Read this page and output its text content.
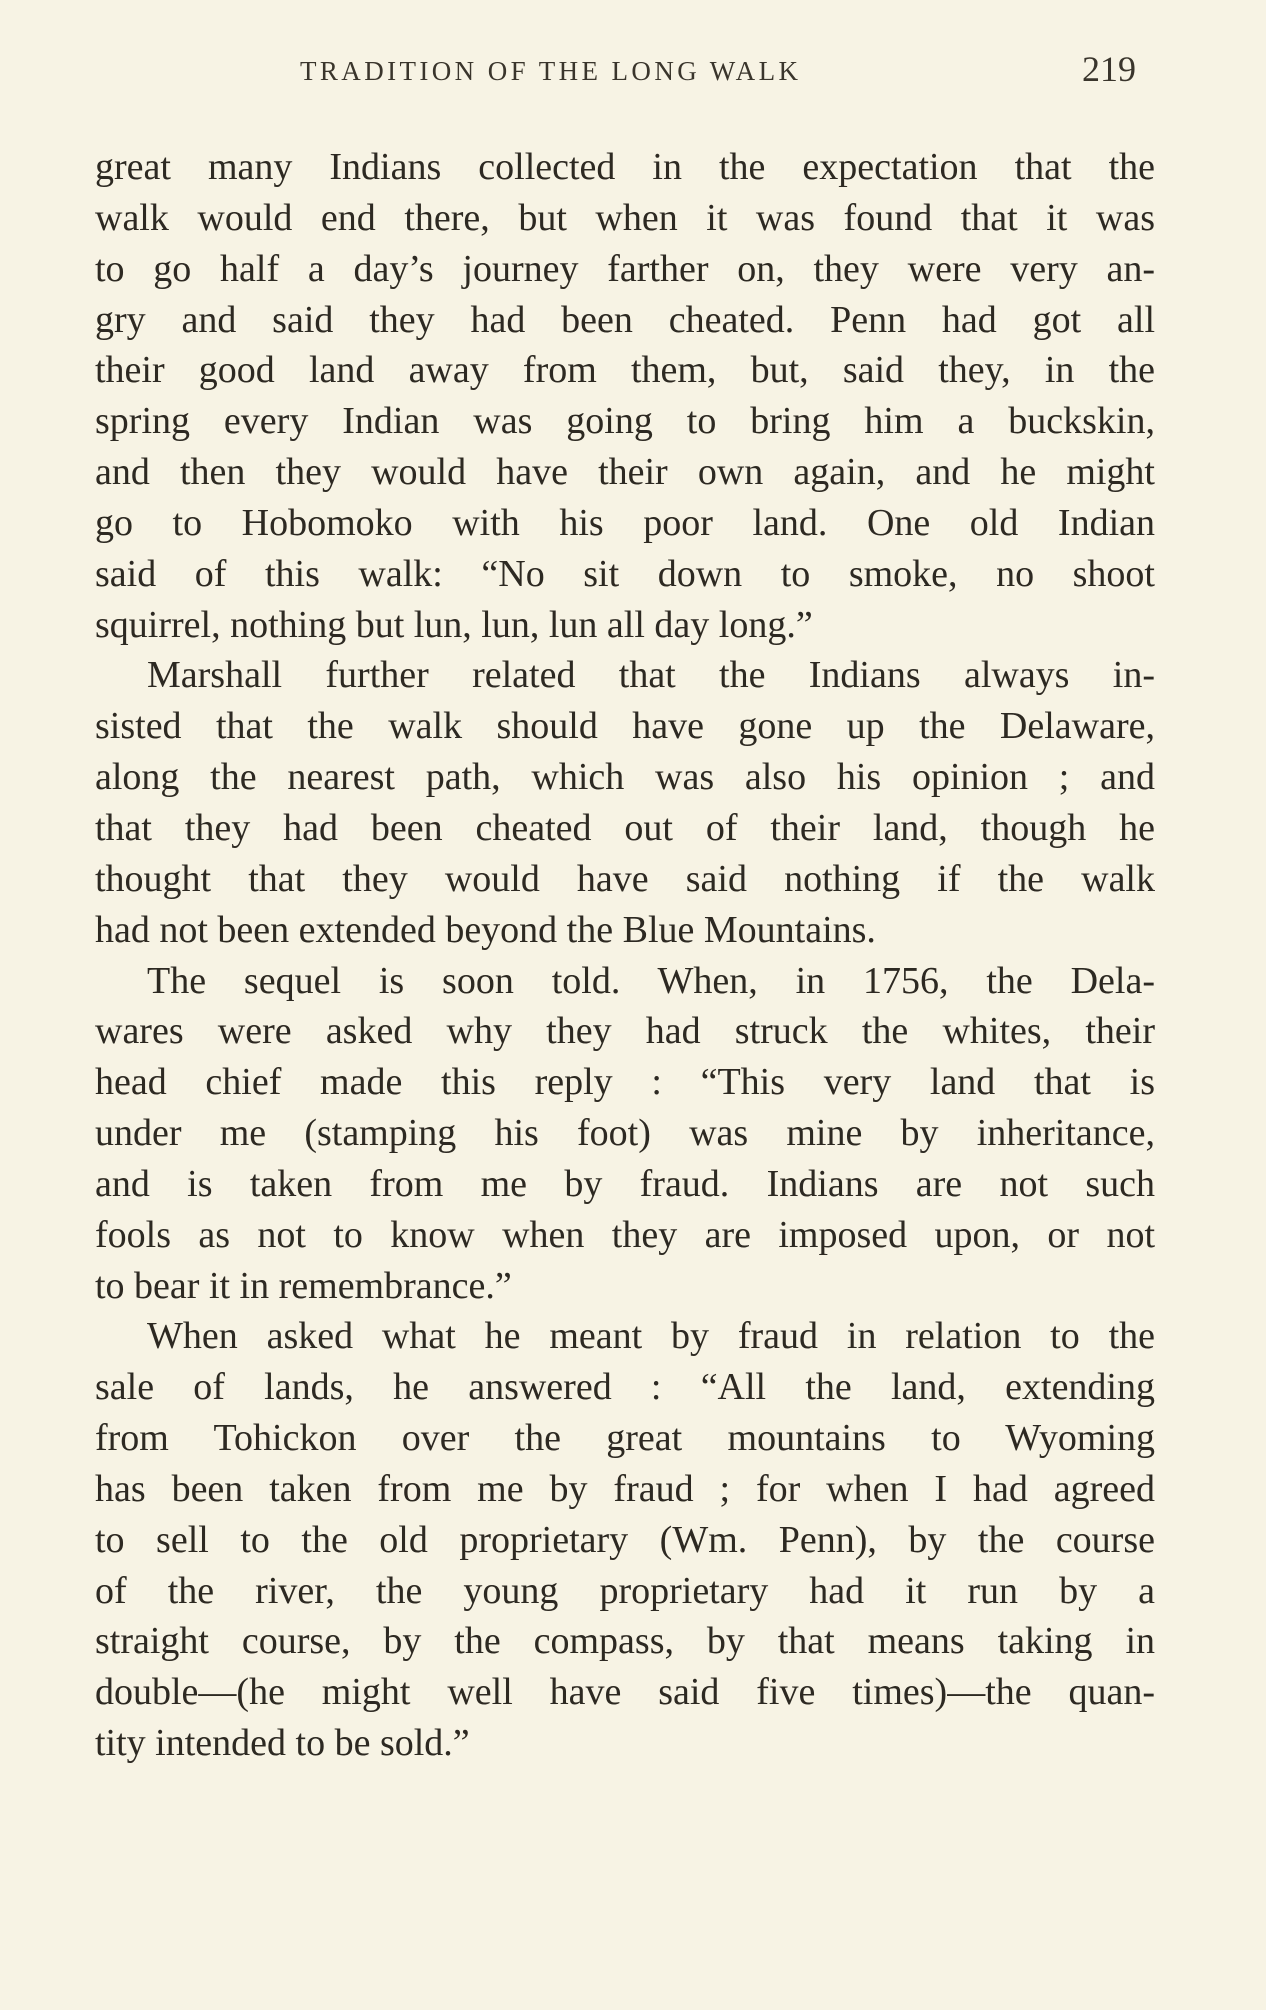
TRADITION OF THE LONG WALK	219
great many Indians collected in the expectation that the
walk would end there, but when it was found that it was
to go half a day’s journey farther on, they were very an-
gry and said they had been cheated. Penn had got all
their good land away from them, but, said they, in the
spring every Indian was going to bring him a buckskin,
and then they would have their own again, and he might
go to Hobomoko with his poor land. One old Indian
said of this walk: “No sit down to smoke, no shoot
squirrel, nothing but lun, lun, lun all day long.”
Marshall further related that the Indians always in-
sisted that the walk should have gone up the Delaware,
along the nearest path, which was also his opinion ; and
that they had been cheated out of their land, though he
thought that they would have said nothing if the walk
had not been extended beyond the Blue Mountains.
The sequel is soon told. When, in 1756, the Dela-
wares were asked why they had struck the whites, their
head chief made this reply : “This very land that is
under me (stamping his foot) was mine by inheritance,
and is taken from me by fraud. Indians are not such
fools as not to know when they are imposed upon, or not
to bear it in remembrance.”
When asked what he meant by fraud in relation to the
sale of lands, he answered : “All the land, extending
from Tohickon over the great mountains to Wyoming
has been taken from me by fraud ; for when I had agreed
to sell to the old proprietary (Wm. Penn), by the course
of the river, the young proprietary had it run by a
straight course, by the compass, by that means taking in
double—(he might well have said five times)—the quan-
tity intended to be sold.”
